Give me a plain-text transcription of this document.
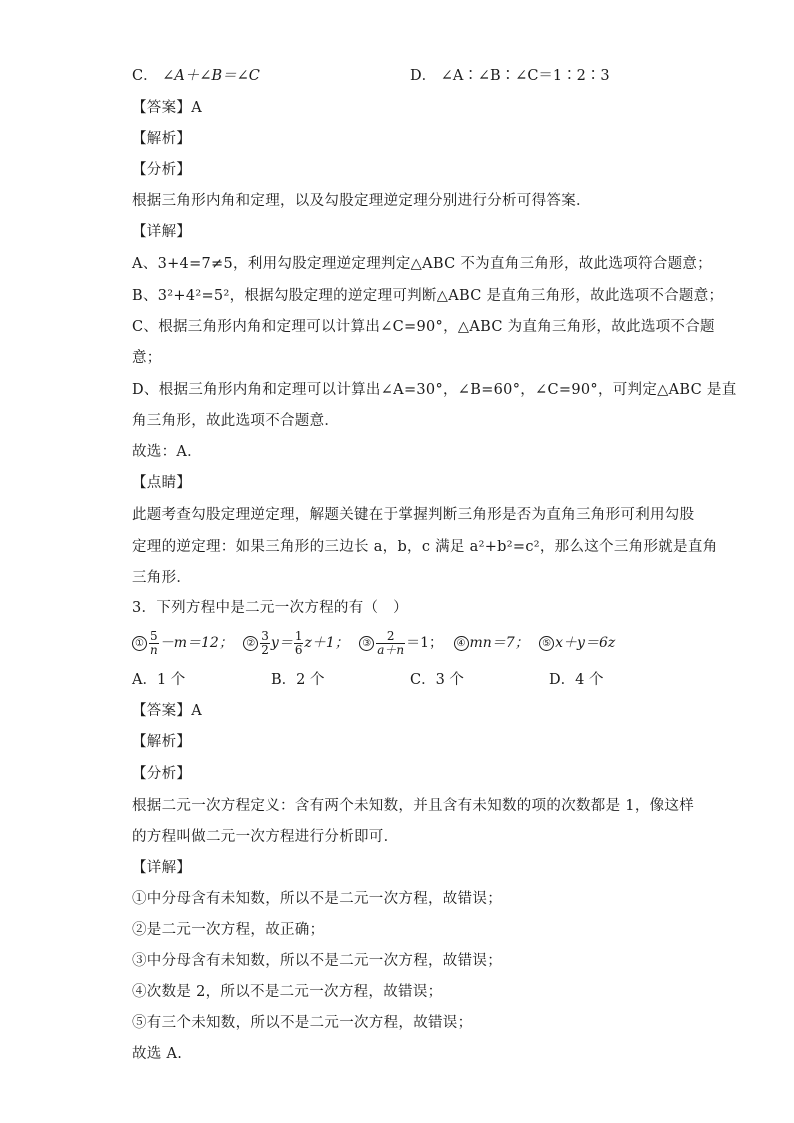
C． ∠A＋∠B＝∠C	D． ∠A∶∠B∶∠C＝1∶2∶3
【答案】A
【解析】
【分析】
根据三角形内角和定理，以及勾股定理逆定理分别进行分析可得答案．
【详解】
A、3+4=7≠5，利用勾股定理逆定理判定△ABC 不为直角三角形，故此选项符合题意；
B、3²+4²=5²，根据勾股定理的逆定理可判断△ABC 是直角三角形，故此选项不合题意；
C、根据三角形内角和定理可以计算出∠C=90°，△ABC 为直角三角形，故此选项不合题
意；
D、根据三角形内角和定理可以计算出∠A=30°，∠B=60°，∠C=90°，可判定△ABC 是直
角三角形，故此选项不合题意．
故选：A．
【点睛】
此题考查勾股定理逆定理，解题关键在于掌握判断三角形是否为直角三角形可利用勾股
定理的逆定理：如果三角形的三边长 a，b，c 满足 a²+b²=c²，那么这个三角形就是直角
三角形．
3．下列方程中是二元一次方程的有（　）
① $\frac{5}{n} -m=12$； ② $\frac{3}{2} y= \frac{1}{6} z+1$； ③ $\frac{2}{a+n} =1$； ④ mn＝7； ⑤ x＋y＝6z
A．1 个	B．2 个	C．3 个	D．4 个
【答案】A
【解析】
【分析】
根据二元一次方程定义：含有两个未知数，并且含有未知数的项的次数都是 1，像这样
的方程叫做二元一次方程进行分析即可．
【详解】
①中分母含有未知数，所以不是二元一次方程，故错误；
②是二元一次方程，故正确；
③中分母含有未知数，所以不是二元一次方程，故错误；
④次数是 2，所以不是二元一次方程，故错误；
⑤有三个未知数，所以不是二元一次方程，故错误；
故选 A.
